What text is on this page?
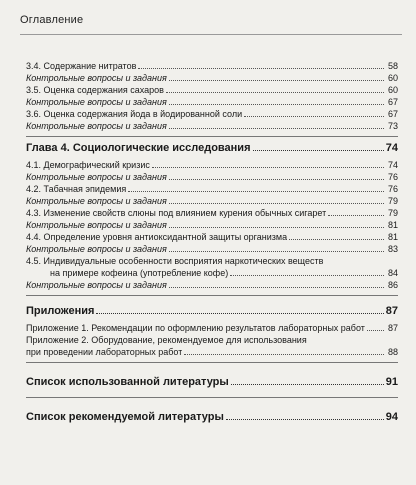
Оглавление
3.4. Содержание нитратов	58
Контрольные вопросы и задания	60
3.5. Оценка содержания сахаров	60
Контрольные вопросы и задания	67
3.6. Оценка содержания йода в йодированной соли	67
Контрольные вопросы и задания	73
Глава 4. Социологические исследования	74
4.1. Демографический кризис	74
Контрольные вопросы и задания	76
4.2. Табачная эпидемия	76
Контрольные вопросы и задания	79
4.3. Изменение свойств слюны под влиянием курения обычных сигарет	79
Контрольные вопросы и задания	81
4.4. Определение уровня антиоксидантной защиты организма	81
Контрольные вопросы и задания	83
4.5. Индивидуальные особенности восприятия наркотических веществ
на примере кофеина (употребление кофе)	84
Контрольные вопросы и задания	86
Приложения	87
Приложение 1. Рекомендации по оформлению результатов лабораторных работ	87
Приложение 2. Оборудование, рекомендуемое для использования
при проведении лабораторных работ	88
Список использованной литературы	91
Список рекомендуемой литературы	94
